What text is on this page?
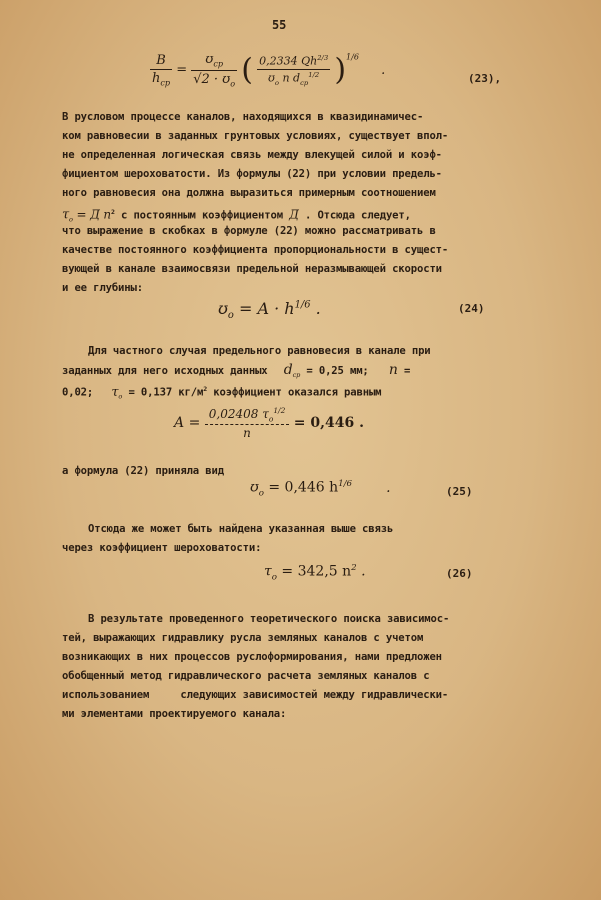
55
$\frac{B}{h_{cp}} = \frac{ʊ_{cp}}{√2 \cdot ʊ_o}$ ( $\frac{0,2334 Qh^{2/3}}{ʊ_o n d_{cp}^{1/2}} )^{1/6}$ .
(23),
В русловом процессе каналов, находящихся в квазидинамичес-
ком равновесии в заданных грунтовых условиях, существует впол-
не определенная логическая связь между влекущей силой и коэф-
фициентом шероховатости. Из формулы (22) при условии предель-
ного равновесия она должна выразиться примерным соотношением
$\tau_o = Д$ $n^2$ с постоянным коэффициентом Д . Отсюда следует,
что выражение в скобках в формуле (22) можно рассматривать в
качестве постоянного коэффициента пропорциональности в сущест-
вующей в канале взаимосвязи предельной неразмывающей скорости
и ее глубины:
ʊ$_o$ = $A \cdot h^{1/6}$ .	(24)
Для частного случая предельного равновесия в канале при
заданных для него исходных данных $d_{cp} = 0,25$ мм; n =
0,02; $\tau_o = 0,137$ $кг/м^2$ коэффициент оказался равным
$A = \frac{0,02408 \tau_o^{1/2}}{n} = 0,446$ .
а формула (22) приняла вид
ʊ$_o$ = 0,446 $h^{1/6}$ .	(25)
Отсюда же может быть найдена указанная выше связь
через коэффициент шероховатости:
$\tau_o = 342,5$ $n^2$ .	(26)
В результате проведенного теоретического поиска зависимос-
тей, выражающих гидравлику русла земляных каналов с учетом
возникающих в них процессов руслоформирования, нами предложен
обобщенный метод гидравлического расчета земляных каналов с
использованием     следующих зависимостей между гидравлически-
ми элементами проектируемого канала:
